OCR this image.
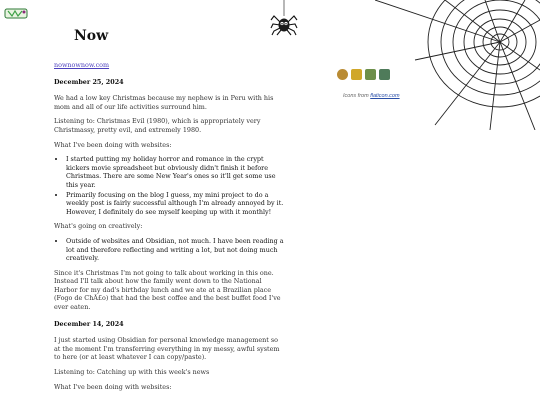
Icons from flaticon.com
Now
nownownow.com
December 25, 2024

We had a low key Christmas because my nephew is in Peru with his mom and all of our life activities surround him.

Listening to: Christmas Evil (1980), which is appropriately very Christmassy, pretty evil, and extremely 1980.

What I've been doing with websites:

• I started putting my holiday horror and romance in the crypt kickers movie spreadsheet but obviously didn't finish it before Christmas. There are some New Year's ones so it'll get some use this year.
• Primarily focusing on the blog I guess, my mini project to do a weekly post is fairly successful although I'm already annoyed by it. However, I definitely do see myself keeping up with it monthly!

What's going on creatively:

• Outside of websites and Obsidian, not much. I have been reading a lot and therefore reflecting and writing a lot, but not doing much creatively.

Since it's Christmas I'm not going to talk about working in this one. Instead I'll talk about how the family went down to the National Harbor for my dad's birthday lunch and we ate at a Brazilian place (Fogo de ChÃ£o) that had the best coffee and the best buffet food I've ever eaten.

December 14, 2024

I just started using Obsidian for personal knowledge management so at the moment I'm transferring everything in my messy, awful system to here (or at least whatever I can copy/paste).

Listening to: Catching up with this week's news

What I've been doing with websites:
